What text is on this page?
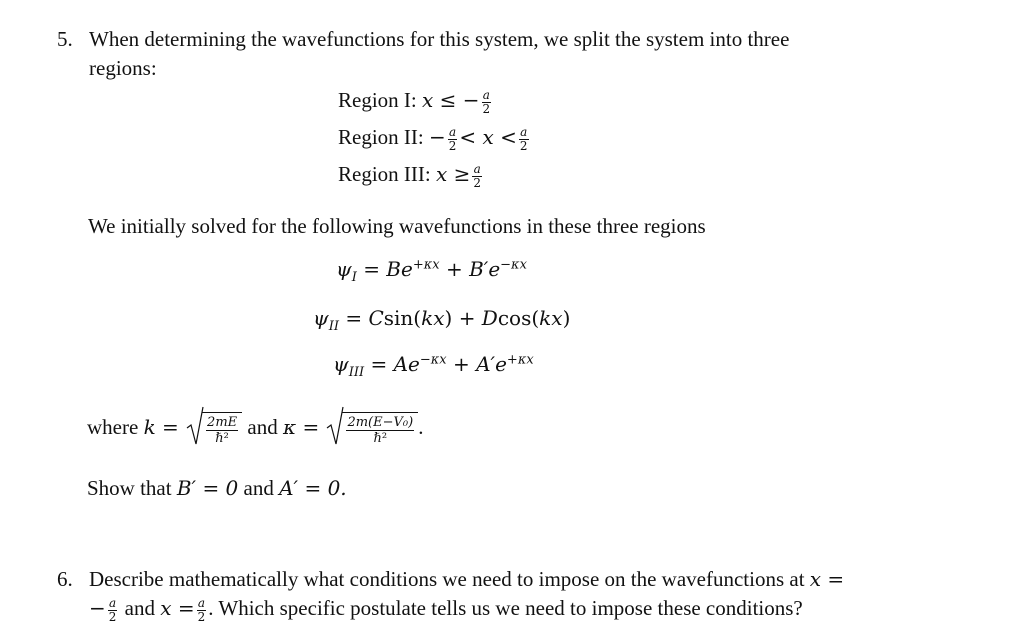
5. When determining the wavefunctions for this system, we split the system into three
regions:
Region I: x ≤ − $\frac{a}{2}$
Region II: − $\frac{a}{2} < x < \frac{a}{2}$
Region III: $x \ge \frac{a}{2}$
We initially solved for the following wavefunctions in these three regions
$\psi_I = Be^{+\kappa x} + B'e^{-\kappa x}$
$\psi_{II} = Csin(kx) + Dcos(kx)$
$\psi_{III} = Ae^{-\kappa x} + A'e^{+\kappa x}$
where $k = \frac{2mE}{\text{ℏ²}}$ and $\kappa = \frac{\text{2m(E−V₀)}}{\text{ℏ²}}$ .
Show that B′ = 0 and A′ = 0.
6. Describe mathematically what conditions we need to impose on the wavefunctions at x =
− $\frac{a}{2}$ and $x = \frac{a}{2}$ . Which specific postulate tells us we need to impose these conditions?
